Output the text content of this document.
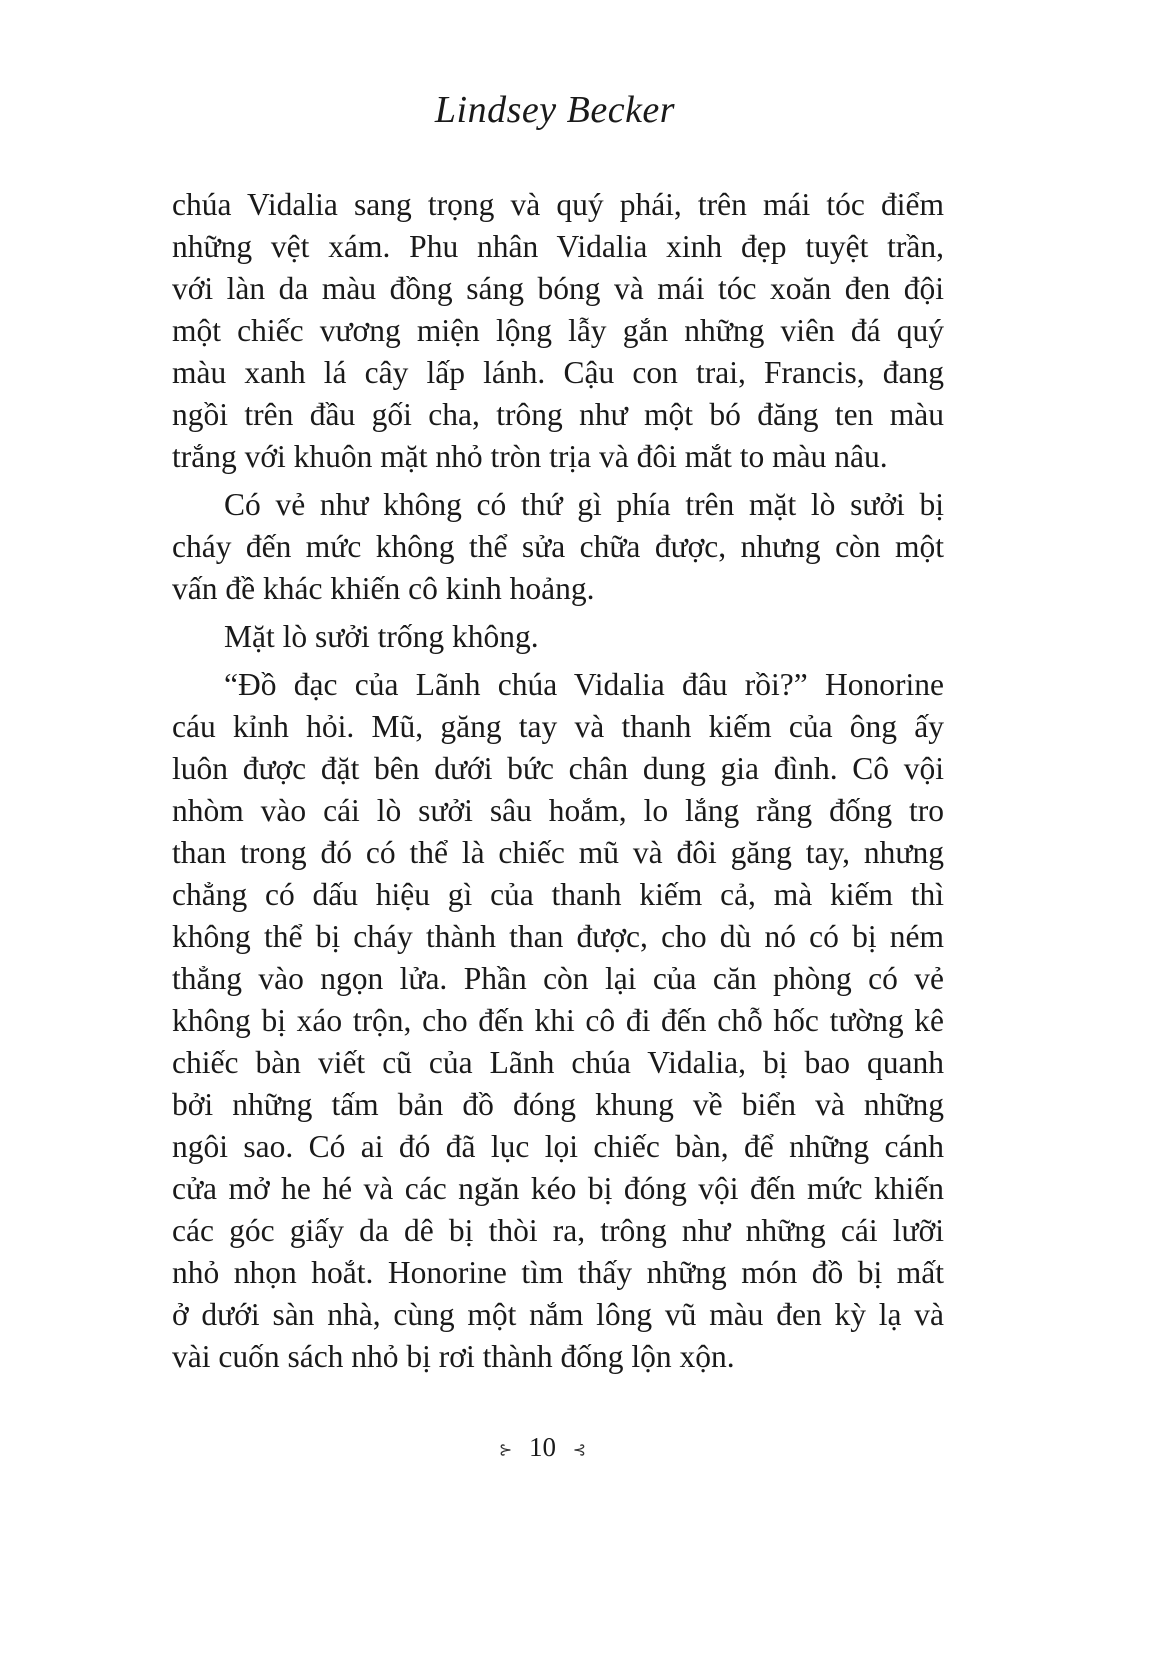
Lindsey Becker
chúa Vidalia sang trọng và quý phái, trên mái tóc điểm
những vệt xám. Phu nhân Vidalia xinh đẹp tuyệt trần,
với làn da màu đồng sáng bóng và mái tóc xoăn đen đội
một chiếc vương miện lộng lẫy gắn những viên đá quý
màu xanh lá cây lấp lánh. Cậu con trai, Francis, đang
ngồi trên đầu gối cha, trông như một bó đăng ten màu
trắng với khuôn mặt nhỏ tròn trịa và đôi mắt to màu nâu.
Có vẻ như không có thứ gì phía trên mặt lò sưởi bị
cháy đến mức không thể sửa chữa được, nhưng còn một
vấn đề khác khiến cô kinh hoảng.
Mặt lò sưởi trống không.
“Đồ đạc của Lãnh chúa Vidalia đâu rồi?” Honorine
cáu kỉnh hỏi. Mũ, găng tay và thanh kiếm của ông ấy
luôn được đặt bên dưới bức chân dung gia đình. Cô vội
nhòm vào cái lò sưởi sâu hoắm, lo lắng rằng đống tro
than trong đó có thể là chiếc mũ và đôi găng tay, nhưng
chẳng có dấu hiệu gì của thanh kiếm cả, mà kiếm thì
không thể bị cháy thành than được, cho dù nó có bị ném
thẳng vào ngọn lửa. Phần còn lại của căn phòng có vẻ
không bị xáo trộn, cho đến khi cô đi đến chỗ hốc tường kê
chiếc bàn viết cũ của Lãnh chúa Vidalia, bị bao quanh
bởi những tấm bản đồ đóng khung về biển và những
ngôi sao. Có ai đó đã lục lọi chiếc bàn, để những cánh
cửa mở he hé và các ngăn kéo bị đóng vội đến mức khiến
các góc giấy da dê bị thòi ra, trông như những cái lưỡi
nhỏ nhọn hoắt. Honorine tìm thấy những món đồ bị mất
ở dưới sàn nhà, cùng một nắm lông vũ màu đen kỳ lạ và
vài cuốn sách nhỏ bị rơi thành đống lộn xộn.
⊱ 10 ⊰
